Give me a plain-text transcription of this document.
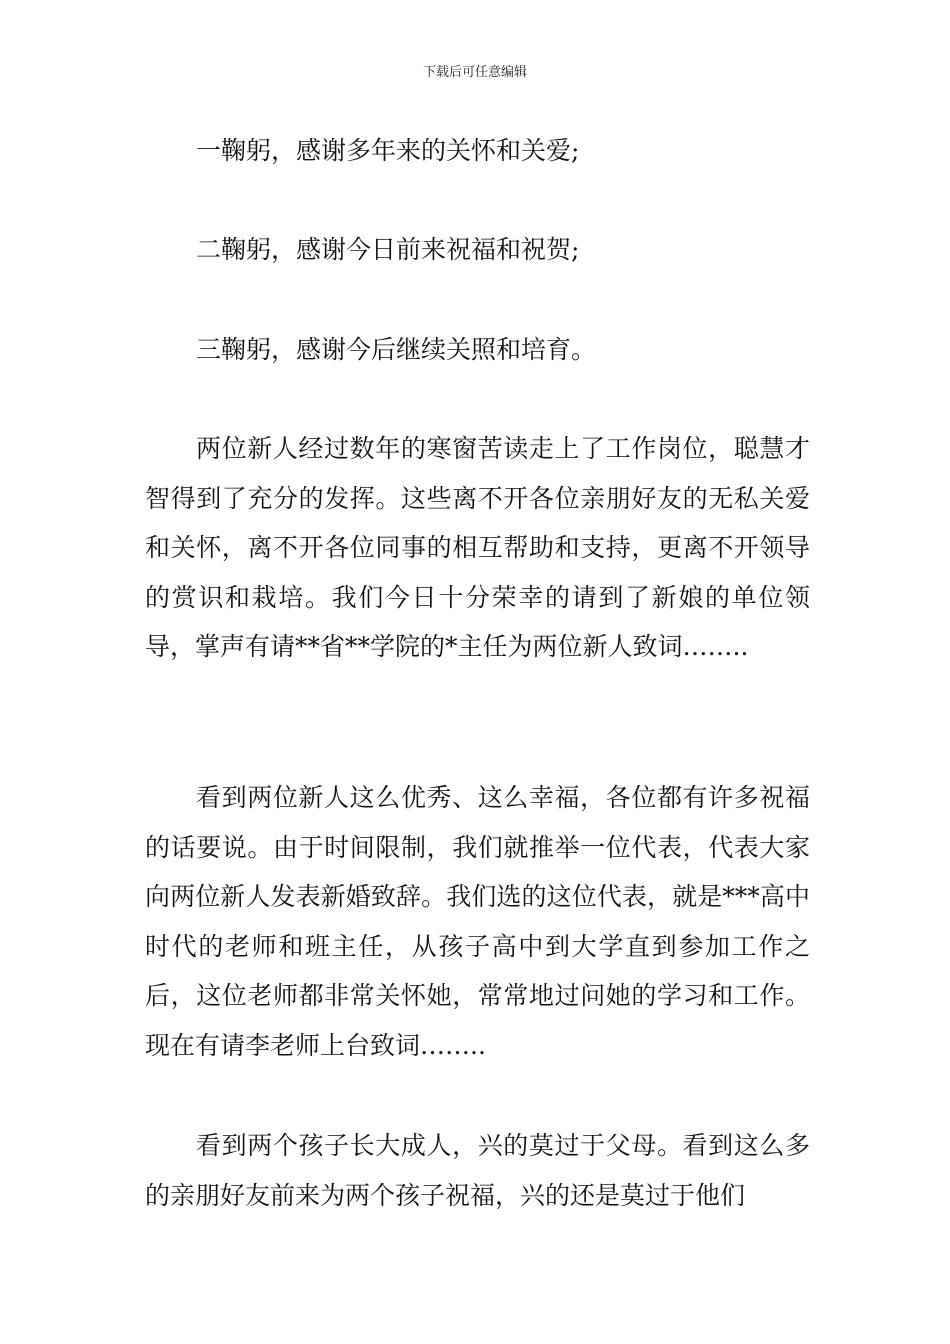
下载后可任意编辑
一鞠躬，感谢多年来的关怀和关爱;
二鞠躬，感谢今日前来祝福和祝贺;
三鞠躬，感谢今后继续关照和培育。

两位新人经过数年的寒窗苦读走上了工作岗位，聪慧才智得到了充分的发挥。这些离不开各位亲朋好友的无私关爱和关怀，离不开各位同事的相互帮助和支持，更离不开领导的赏识和栽培。我们今日十分荣幸的请到了新娘的单位领导，掌声有请**省**学院的*主任为两位新人致词……..

看到两位新人这么优秀、这么幸福，各位都有许多祝福的话要说。由于时间限制，我们就推举一位代表，代表大家向两位新人发表新婚致辞。我们选的这位代表，就是***高中时代的老师和班主任，从孩子高中到大学直到参加工作之后，这位老师都非常关怀她，常常地过问她的学习和工作。现在有请李老师上台致词……..

看到两个孩子长大成人，兴的莫过于父母。看到这么多的亲朋好友前来为两个孩子祝福，兴的还是莫过于他们
